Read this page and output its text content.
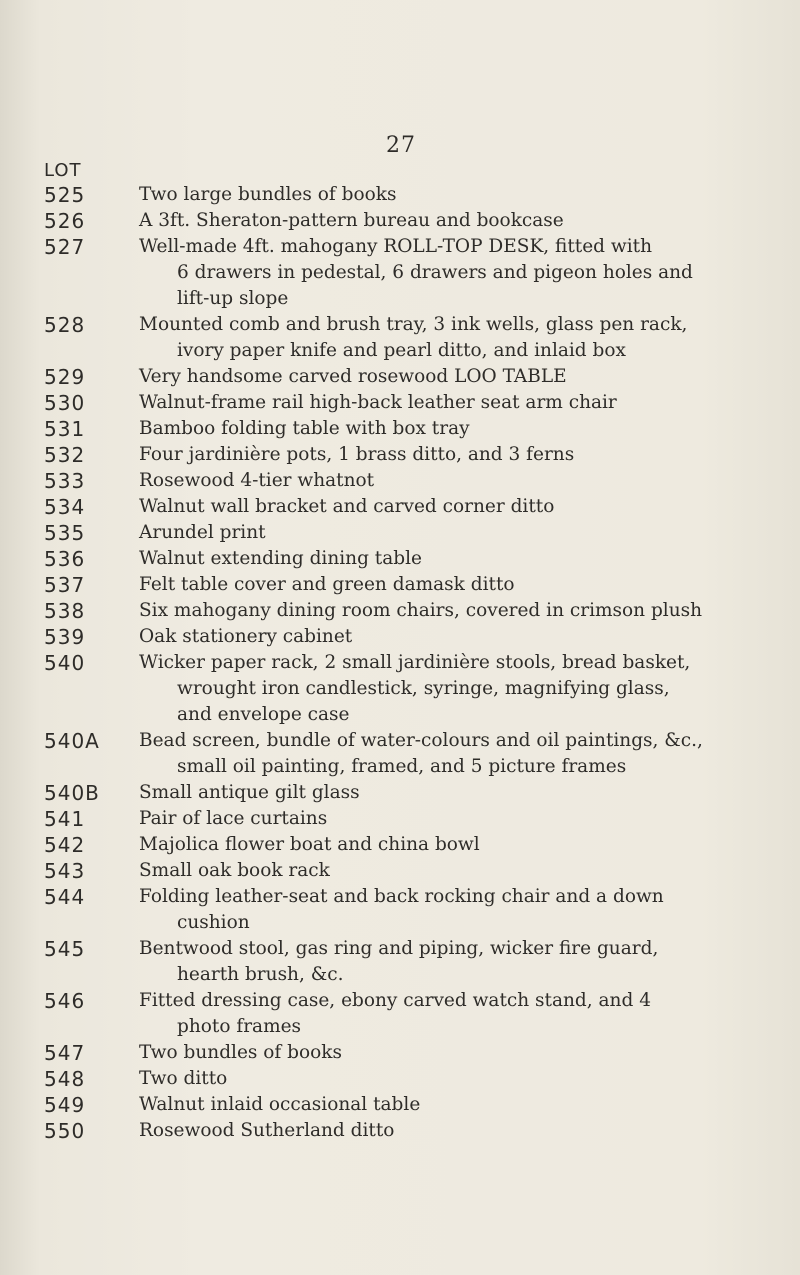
27
LOT
525	Two large bundles of books
526	A 3ft. Sheraton-pattern bureau and bookcase
527	Well-made 4ft. mahogany ROLL-TOP DESK, fitted with
6 drawers in pedestal, 6 drawers and pigeon holes and
lift-up slope
528	Mounted comb and brush tray, 3 ink wells, glass pen rack,
ivory paper knife and pearl ditto, and inlaid box
529	Very handsome carved rosewood LOO TABLE
530	Walnut-frame rail high-back leather seat arm chair
531	Bamboo folding table with box tray
532	Four jardinière pots, 1 brass ditto, and 3 ferns
533	Rosewood 4-tier whatnot
534	Walnut wall bracket and carved corner ditto
535	Arundel print
536	Walnut extending dining table
537	Felt table cover and green damask ditto
538	Six mahogany dining room chairs, covered in crimson plush
539	Oak stationery cabinet
540	Wicker paper rack, 2 small jardinière stools, bread basket,
wrought iron candlestick, syringe, magnifying glass,
and envelope case
540A	Bead screen, bundle of water-colours and oil paintings, &c.,
small oil painting, framed, and 5 picture frames
540B	Small antique gilt glass
541	Pair of lace curtains
542	Majolica flower boat and china bowl
543	Small oak book rack
544	Folding leather-seat and back rocking chair and a down
cushion
545	Bentwood stool, gas ring and piping, wicker fire guard,
hearth brush, &c.
546	Fitted dressing case, ebony carved watch stand, and 4
photo frames
547	Two bundles of books
548	Two ditto
549	Walnut inlaid occasional table
550	Rosewood Sutherland ditto
